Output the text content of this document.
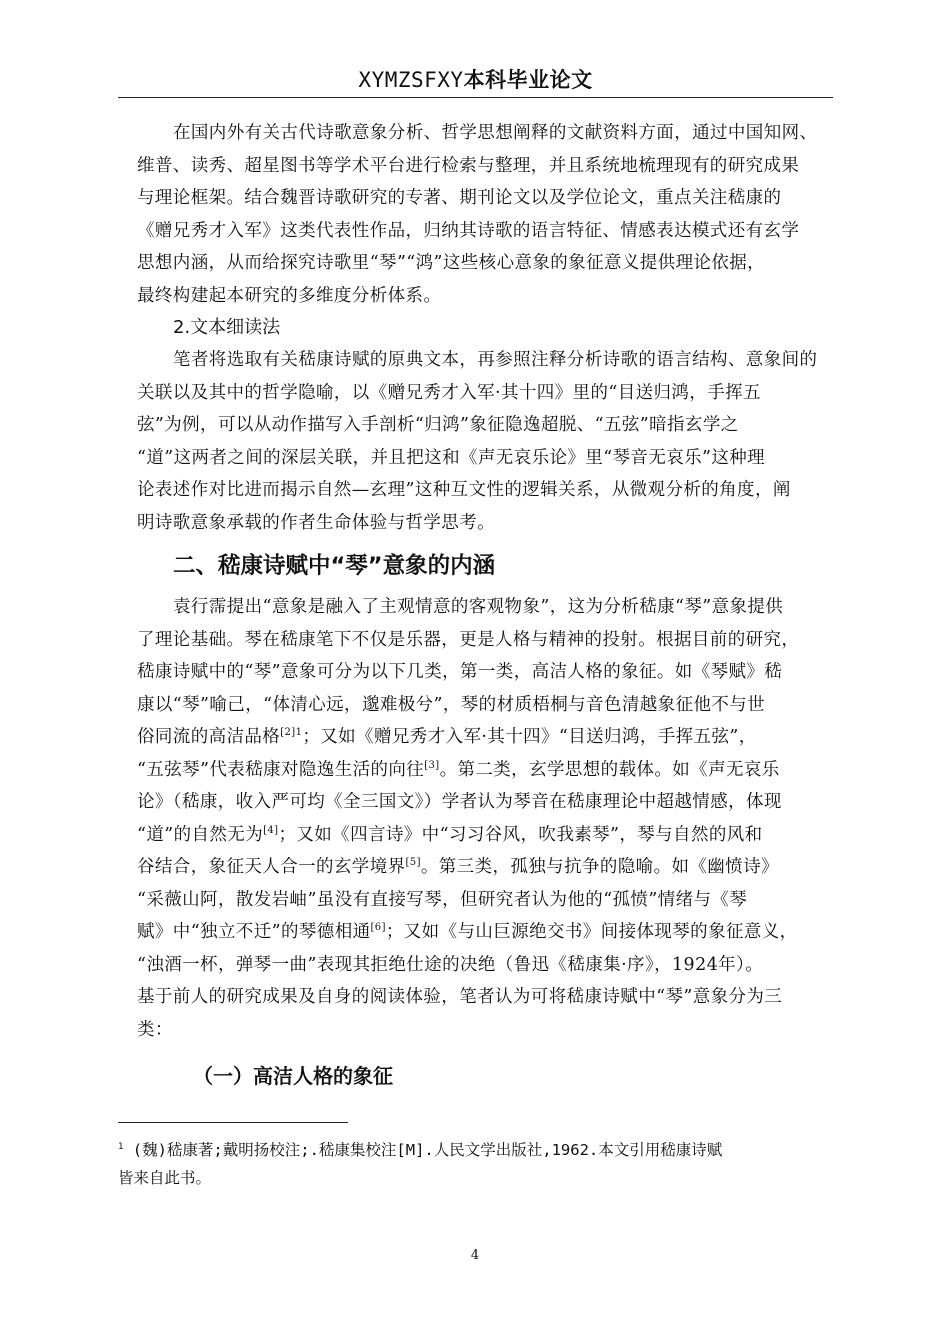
XYMZSFXY本科毕业论文

在国内外有关古代诗歌意象分析、哲学思想阐释的文献资料方面，通过中国知网、
维普、读秀、超星图书等学术平台进行检索与整理，并且系统地梳理现有的研究成果
与理论框架。结合魏晋诗歌研究的专著、期刊论文以及学位论文，重点关注嵇康的
《赠兄秀才入军》这类代表性作品，归纳其诗歌的语言特征、情感表达模式还有玄学
思想内涵，从而给探究诗歌里“琴”“鸿”这些核心意象的象征意义提供理论依据，
最终构建起本研究的多维度分析体系。

2.文本细读法

笔者将选取有关嵇康诗赋的原典文本，再参照注释分析诗歌的语言结构、意象间的
关联以及其中的哲学隐喻，以《赠兄秀才入军·其十四》里的“目送归鸿，手挥五
弦”为例，可以从动作描写入手剖析“归鸿”象征隐逸超脱、“五弦”暗指玄学之
“道”这两者之间的深层关联，并且把这和《声无哀乐论》里“琴音无哀乐”这种理
论表述作对比进而揭示自然—玄理”这种互文性的逻辑关系，从微观分析的角度，阐
明诗歌意象承载的作者生命体验与哲学思考。

二、嵇康诗赋中“琴”意象的内涵

袁行霈提出“意象是融入了主观情意的客观物象”，这为分析嵇康“琴”意象提供
了理论基础。琴在嵇康笔下不仅是乐器，更是人格与精神的投射。根据目前的研究，
嵇康诗赋中的“琴”意象可分为以下几类，第一类，高洁人格的象征。如《琴赋》嵇
康以“琴”喻己，“体清心远，邈难极兮”，琴的材质梧桐与音色清越象征他不与世
俗同流的高洁品格$^{[2]1}$；又如《赠兄秀才入军·其十四》“目送归鸿，手挥五弦”，
“五弦琴”代表嵇康对隐逸生活的向往[3]。第二类，玄学思想的载体。如《声无哀乐
论》（嵇康，收入严可均《全三国文》）学者认为琴音在嵇康理论中超越情感，体现
“道”的自然无为[4]；又如《四言诗》中“习习谷风，吹我素琴”，琴与自然的风和
谷结合，象征天人合一的玄学境界[5]。第三类，孤独与抗争的隐喻。如《幽愤诗》
“采薇山阿，散发岩岫”虽没有直接写琴，但研究者认为他的“孤愤”情绪与《琴
赋》中“独立不迁”的琴德相通[6]；又如《与山巨源绝交书》间接体现琴的象征意义，
“浊酒一杯，弹琴一曲”表现其拒绝仕途的决绝（鲁迅《嵇康集·序》，1924年）。
基于前人的研究成果及自身的阅读体验，笔者认为可将嵇康诗赋中“琴”意象分为三
类：

（一）高洁人格的象征
$^1$ (魏)嵇康著;戴明扬校注;.嵇康集校注[M].人民文学出版社,1962.本文引用嵇康诗赋
皆来自此书。
4
